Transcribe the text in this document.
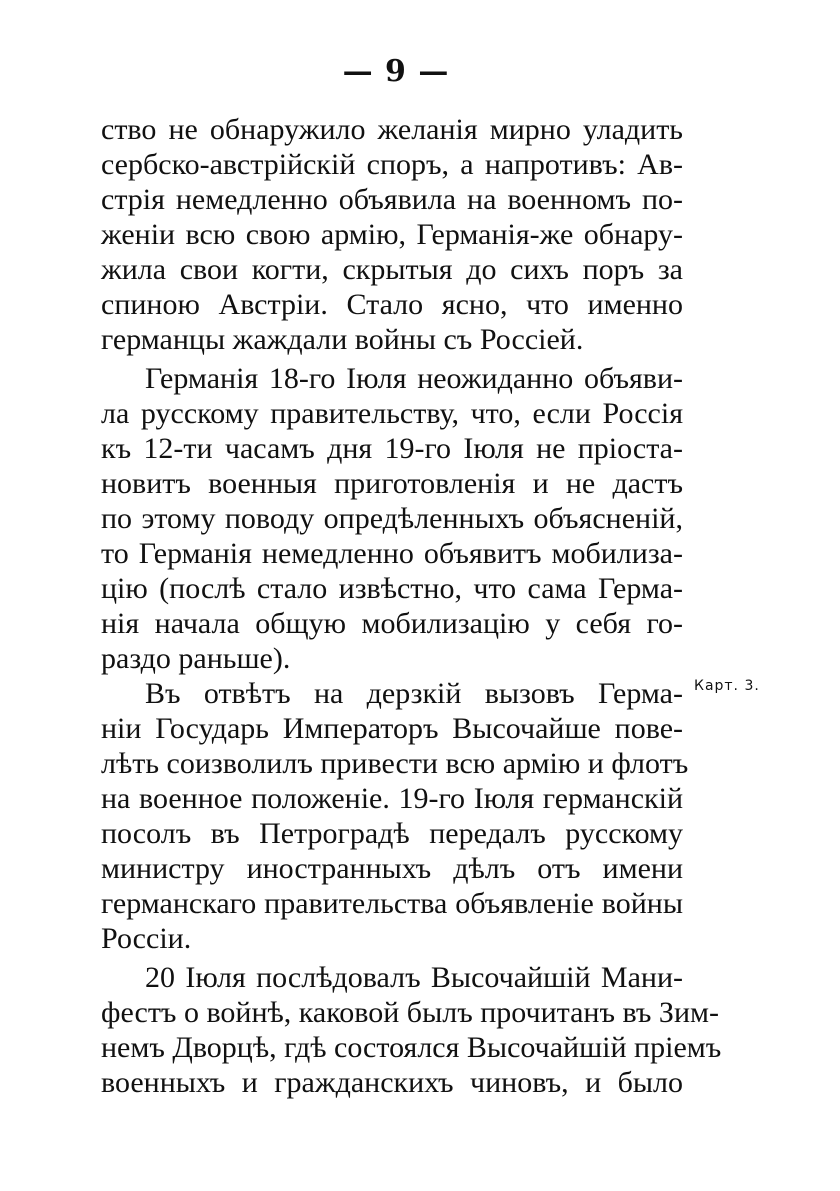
— 9 —
ство не обнаружило желанія мирно уладить
сербско-австрійскій споръ, а напротивъ: Ав-
стрія немедленно объявила на военномъ по-
женіи всю свою армію, Германія-же обнару-
жила свои когти, скрытыя до сихъ поръ за
спиною Австріи. Стало ясно, что именно
германцы жаждали войны съ Россіей.
Германія 18-го Іюля неожиданно объяви-
ла русскому правительству, что, если Россія
къ 12-ти часамъ дня 19-го Іюля не пріоста-
новитъ военныя приготовленія и не дастъ
по этому поводу опредѣленныхъ объясненій,
то Германія немедленно объявитъ мобилиза-
цію (послѣ стало извѣстно, что сама Герма-
нія начала общую мобилизацію у себя го-
раздо раньше).
Въ отвѣтъ на дерзкій вызовъ Герма- Карт. 3.
ніи Государь Императоръ Высочайше пове-
лѣть соизволилъ привести всю армію и флотъ
на военное положеніе. 19-го Іюля германскій
посолъ въ Петроградѣ передалъ русскому
министру иностранныхъ дѣлъ отъ имени
германскаго правительства объявленіе войны
Россіи.
20 Іюля послѣдовалъ Высочайшій Мани-
фестъ о войнѣ, каковой былъ прочитанъ въ Зим-
немъ Дворцѣ, гдѣ состоялся Высочайшій пріемъ
военныхъ и гражданскихъ чиновъ, и было
